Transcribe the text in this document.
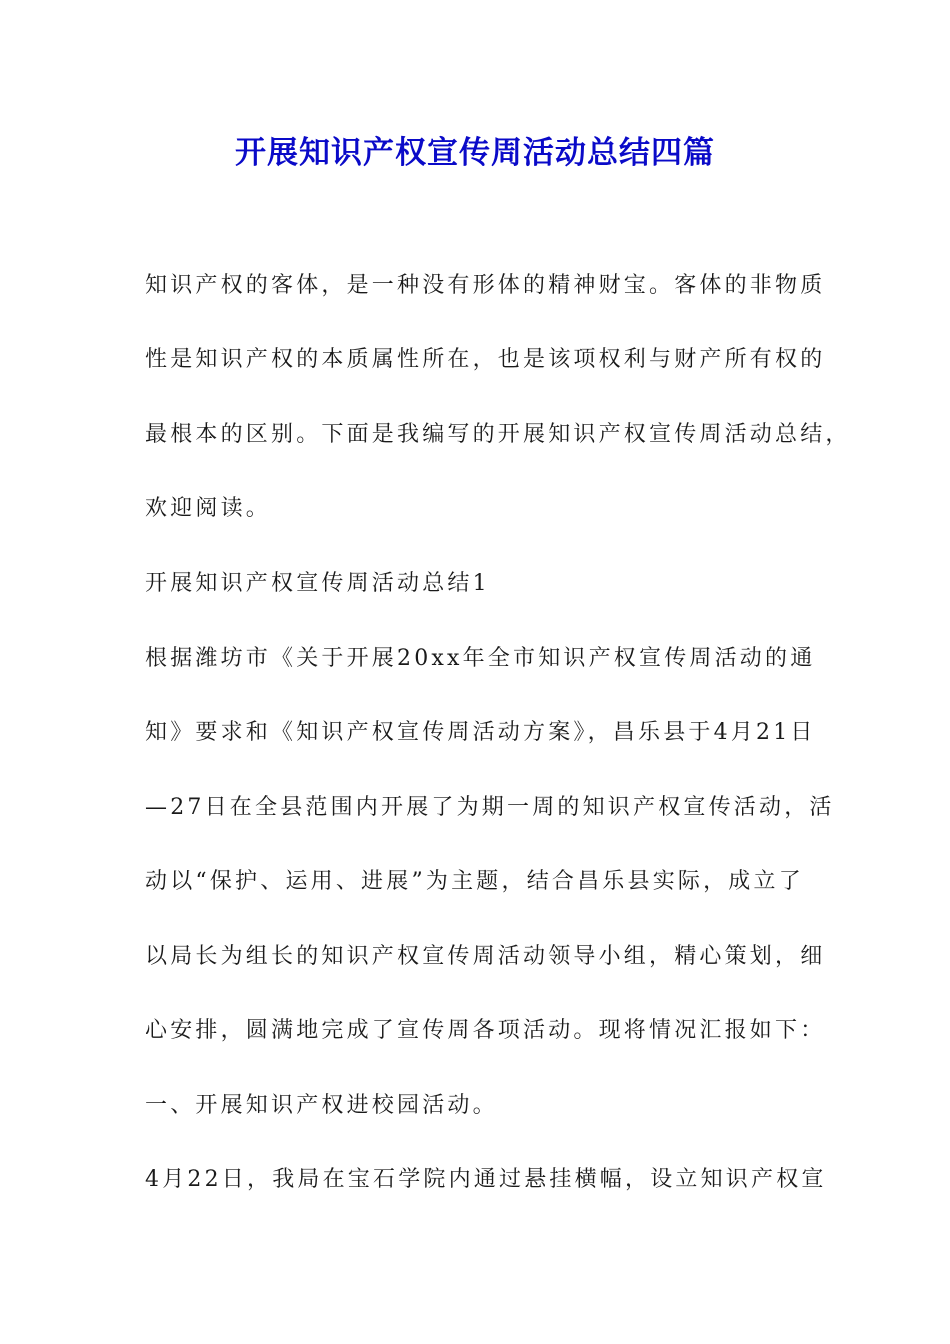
开展知识产权宣传周活动总结四篇

知识产权的客体，是一种没有形体的精神财宝。客体的非物质

性是知识产权的本质属性所在，也是该项权利与财产所有权的

最根本的区别。下面是我编写的开展知识产权宣传周活动总结，

欢迎阅读。

开展知识产权宣传周活动总结1

根据潍坊市《关于开展20xx年全市知识产权宣传周活动的通

知》要求和《知识产权宣传周活动方案》，昌乐县于4月21日

—27日在全县范围内开展了为期一周的知识产权宣传活动，活

动以“保护、运用、进展”为主题，结合昌乐县实际，成立了

以局长为组长的知识产权宣传周活动领导小组，精心策划，细

心安排，圆满地完成了宣传周各项活动。现将情况汇报如下：

一、开展知识产权进校园活动。

4月22日，我局在宝石学院内通过悬挂横幅，设立知识产权宣
